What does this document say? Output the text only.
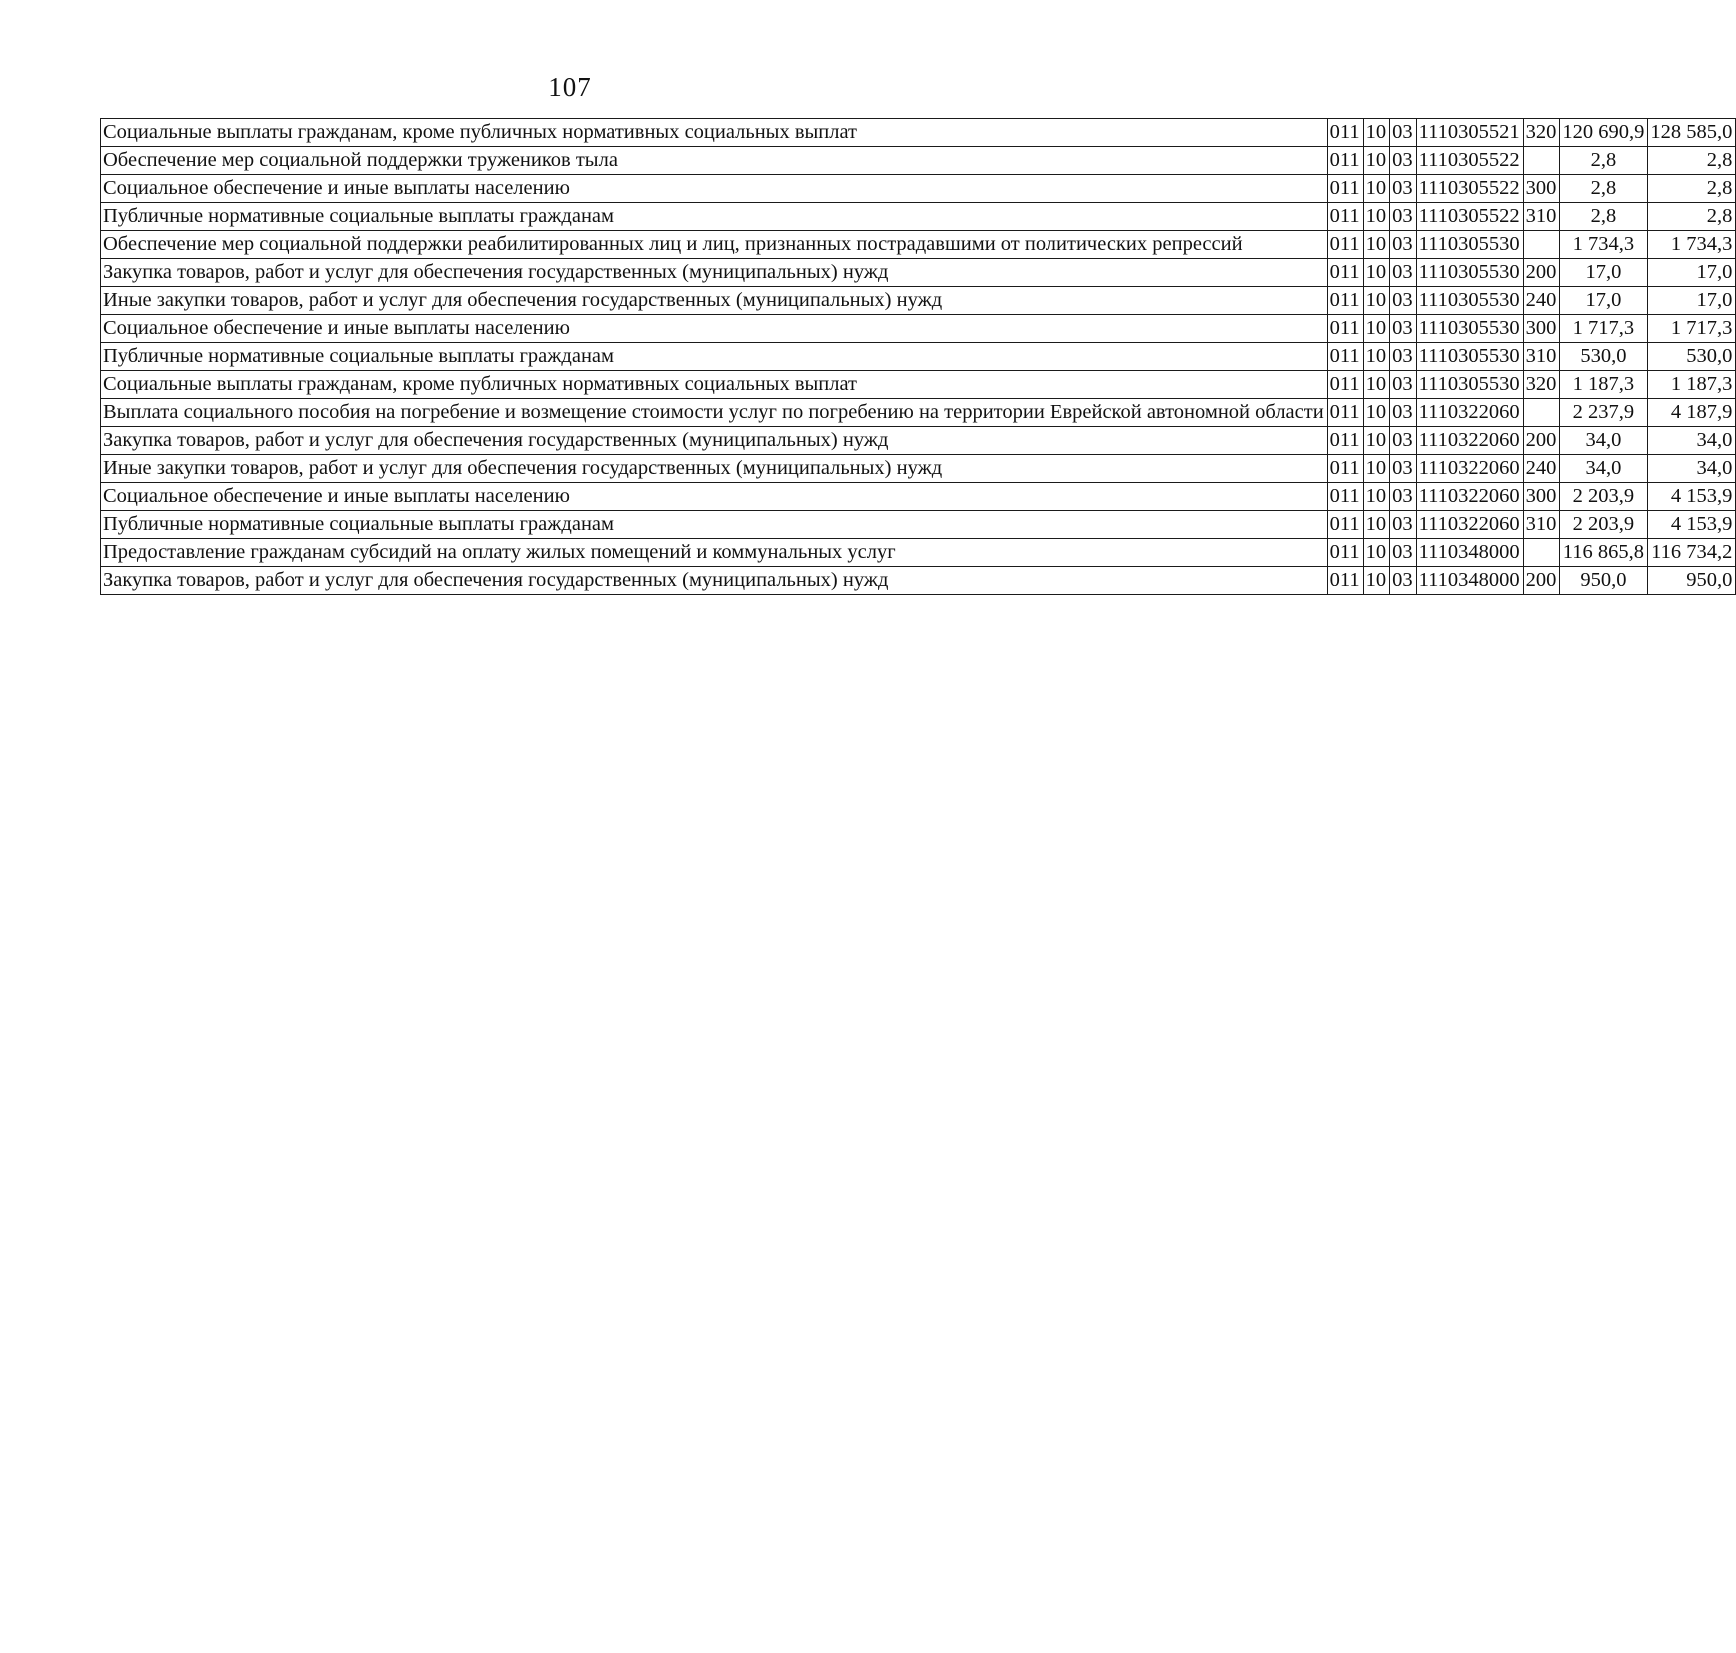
107
Социальные выплаты гражданам, кроме публичных нормативных социальных выплат	011	10	03	1110305521	320	120 690,9	128 585,0
Обеспечение мер социальной поддержки тружеников тыла	011	10	03	1110305522		2,8	2,8
Социальное обеспечение и иные выплаты населению	011	10	03	1110305522	300	2,8	2,8
Публичные нормативные социальные выплаты гражданам	011	10	03	1110305522	310	2,8	2,8
Обеспечение мер социальной поддержки реабилитированных лиц и лиц, признанных пострадавшими от политических репрессий	011	10	03	1110305530		1 734,3	1 734,3
Закупка товаров, работ и услуг для обеспечения государственных (муниципальных) нужд	011	10	03	1110305530	200	17,0	17,0
Иные закупки товаров, работ и услуг для обеспечения государственных (муниципальных) нужд	011	10	03	1110305530	240	17,0	17,0
Социальное обеспечение и иные выплаты населению	011	10	03	1110305530	300	1 717,3	1 717,3
Публичные нормативные социальные выплаты гражданам	011	10	03	1110305530	310	530,0	530,0
Социальные выплаты гражданам, кроме публичных нормативных социальных выплат	011	10	03	1110305530	320	1 187,3	1 187,3
Выплата социального пособия на погребение и возмещение стоимости услуг по погребению на территории Еврейской автономной области	011	10	03	1110322060		2 237,9	4 187,9
Закупка товаров, работ и услуг для обеспечения государственных (муниципальных) нужд	011	10	03	1110322060	200	34,0	34,0
Иные закупки товаров, работ и услуг для обеспечения государственных (муниципальных) нужд	011	10	03	1110322060	240	34,0	34,0
Социальное обеспечение и иные выплаты населению	011	10	03	1110322060	300	2 203,9	4 153,9
Публичные нормативные социальные выплаты гражданам	011	10	03	1110322060	310	2 203,9	4 153,9
Предоставление гражданам субсидий на оплату жилых помещений и коммунальных услуг	011	10	03	1110348000		116 865,8	116 734,2
Закупка товаров, работ и услуг для обеспечения государственных (муниципальных) нужд	011	10	03	1110348000	200	950,0	950,0
